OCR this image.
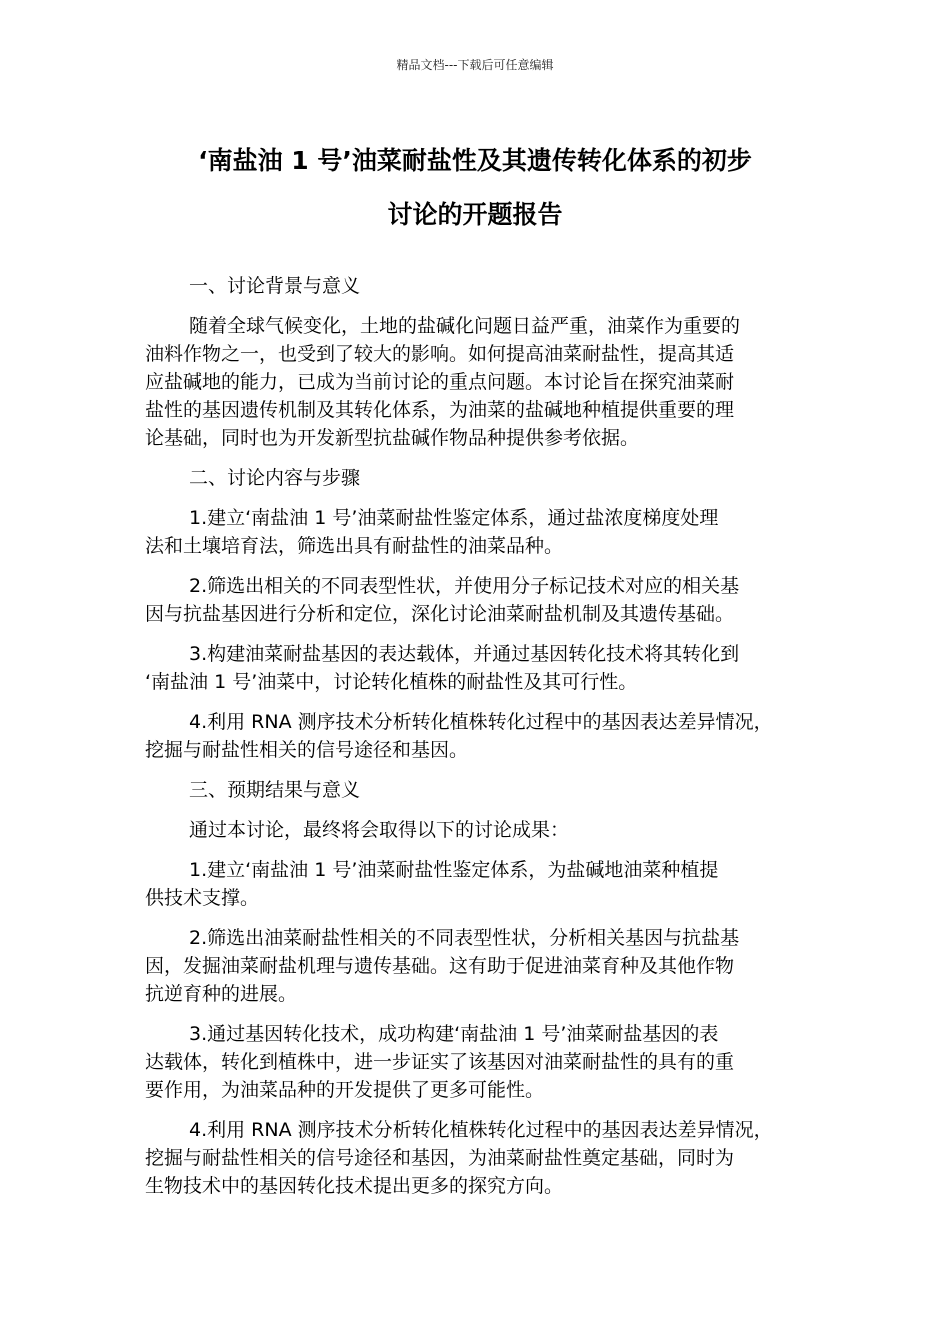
精品文档---下载后可任意编辑
‘南盐油 1 号’油菜耐盐性及其遗传转化体系的初步
讨论的开题报告

一、讨论背景与意义

随着全球气候变化，土地的盐碱化问题日益严重，油菜作为重要的
油料作物之一，也受到了较大的影响。如何提高油菜耐盐性，提高其适
应盐碱地的能力，已成为当前讨论的重点问题。本讨论旨在探究油菜耐
盐性的基因遗传机制及其转化体系，为油菜的盐碱地种植提供重要的理
论基础，同时也为开发新型抗盐碱作物品种提供参考依据。

二、讨论内容与步骤

1.建立‘南盐油 1 号’油菜耐盐性鉴定体系，通过盐浓度梯度处理
法和土壤培育法，筛选出具有耐盐性的油菜品种。

2.筛选出相关的不同表型性状，并使用分子标记技术对应的相关基
因与抗盐基因进行分析和定位，深化讨论油菜耐盐机制及其遗传基础。

3.构建油菜耐盐基因的表达载体，并通过基因转化技术将其转化到
‘南盐油 1 号’油菜中，讨论转化植株的耐盐性及其可行性。

4.利用 RNA 测序技术分析转化植株转化过程中的基因表达差异情况，
挖掘与耐盐性相关的信号途径和基因。

三、预期结果与意义

通过本讨论，最终将会取得以下的讨论成果：

1.建立‘南盐油 1 号’油菜耐盐性鉴定体系，为盐碱地油菜种植提
供技术支撑。

2.筛选出油菜耐盐性相关的不同表型性状，分析相关基因与抗盐基
因，发掘油菜耐盐机理与遗传基础。这有助于促进油菜育种及其他作物
抗逆育种的进展。

3.通过基因转化技术，成功构建‘南盐油 1 号’油菜耐盐基因的表
达载体，转化到植株中，进一步证实了该基因对油菜耐盐性的具有的重
要作用，为油菜品种的开发提供了更多可能性。

4.利用 RNA 测序技术分析转化植株转化过程中的基因表达差异情况，
挖掘与耐盐性相关的信号途径和基因，为油菜耐盐性奠定基础，同时为
生物技术中的基因转化技术提出更多的探究方向。
